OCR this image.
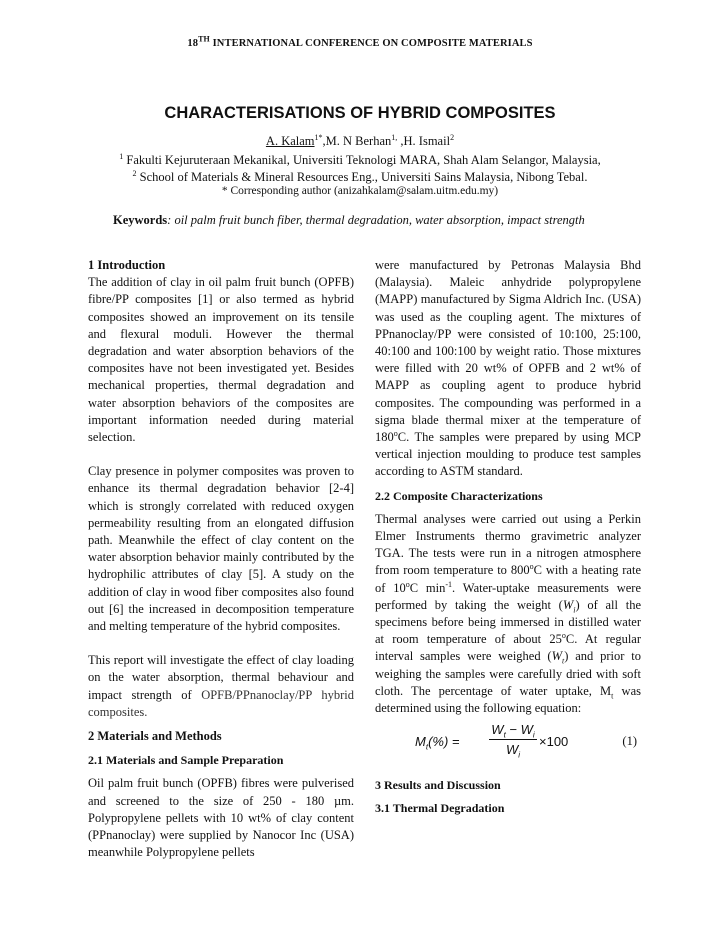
18TH INTERNATIONAL CONFERENCE ON COMPOSITE MATERIALS
CHARACTERISATIONS OF HYBRID COMPOSITES
A. Kalam$^{1*}$,M. N Berhan$^{1,}$ ,H. Ismail$^2$
$^1$ Fakulti Kejuruteraan Mekanikal, Universiti Teknologi MARA, Shah Alam Selangor, Malaysia,
$^2$ School of Materials & Mineral Resources Eng., Universiti Sains Malaysia, Nibong Tebal.
* Corresponding author (anizahkalam@salam.uitm.edu.my)
Keywords: oil palm fruit bunch fiber, thermal degradation, water absorption, impact strength

1 Introduction

The addition of clay in oil palm fruit bunch (OPFB) fibre/PP composites [1] or also termed as hybrid composites showed an improvement on its tensile and flexural moduli. However the thermal degradation and water absorption behaviors of the composites have not been investigated yet. Besides mechanical properties, thermal degradation and water absorption behaviors of the composites are important information needed during material selection.

Clay presence in polymer composites was proven to enhance its thermal degradation behavior [2-4] which is strongly correlated with reduced oxygen permeability resulting from an elongated diffusion path. Meanwhile the effect of clay content on the water absorption behavior mainly contributed by the hydrophilic attributes of clay [5]. A study on the addition of clay in wood fiber composites also found out [6] the increased in decomposition temperature and melting temperature of the hybrid composites.

This report will investigate the effect of clay loading on the water absorption, thermal behaviour and impact strength of OPFB/PPnanoclay/PP hybrid composites.

2 Materials and Methods

2.1 Materials and Sample Preparation

Oil palm fruit bunch (OPFB) fibres were pulverised and screened to the size of 250 - 180 µm. Polypropylene pellets with 10 wt% of clay content (PPnanoclay) were supplied by Nanocor Inc (USA) meanwhile Polypropylene pellets

were manufactured by Petronas Malaysia Bhd (Malaysia). Maleic anhydride polypropylene (MAPP) manufactured by Sigma Aldrich Inc. (USA) was used as the coupling agent. The mixtures of PPnanoclay/PP were consisted of 10:100, 25:100, 40:100 and 100:100 by weight ratio. Those mixtures were filled with 20 wt% of OPFB and 2 wt% of MAPP as coupling agent to produce hybrid composites. The compounding was performed in a sigma blade thermal mixer at the temperature of 180$^o$C. The samples were prepared by using MCP vertical injection moulding to produce test samples according to ASTM standard.

2.2 Composite Characterizations

Thermal analyses were carried out using a Perkin Elmer Instruments thermo gravimetric analyzer TGA. The tests were run in a nitrogen atmosphere from room temperature to 800$^o$C with a heating rate of 10$^o$C $\min^{-1}$. Water-uptake measurements were performed by taking the weight $(W_i)$ of all the specimens before being immersed in distilled water at room temperature of about 25$^o$C. At regular interval samples were weighed $(W_t)$ and prior to weighing the samples were carefully dried with soft cloth. The percentage of water uptake, $M_t$ was determined using the following equation:

$M_t(\%) = \frac{W_t - W_i}{W_i} \times 100$	(1)

3 Results and Discussion

3.1 Thermal Degradation
